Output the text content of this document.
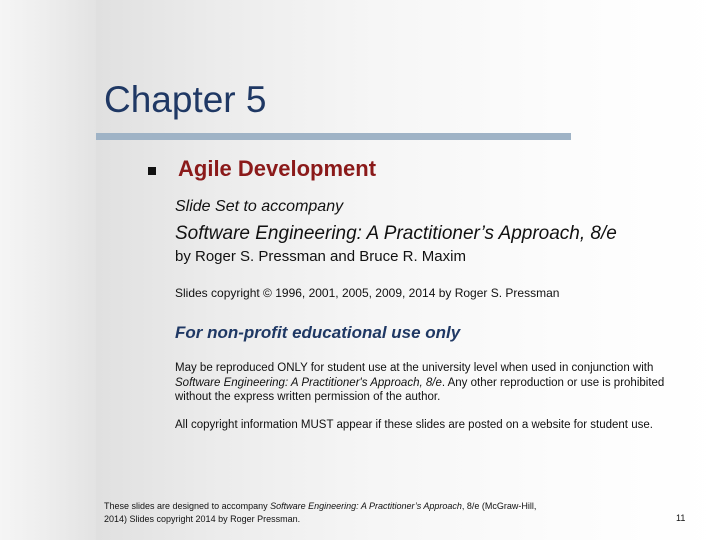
Chapter 5
Agile Development
Slide Set to accompany
Software Engineering: A Practitioner’s Approach, 8/e
by Roger S. Pressman and Bruce R. Maxim
Slides copyright © 1996, 2001, 2005, 2009, 2014 by Roger S. Pressman
For non-profit educational use only
May be reproduced ONLY for student use at the university level when used in conjunction with Software Engineering: A Practitioner's Approach, 8/e. Any other reproduction or use is prohibited without the express written permission of the author.
All copyright information MUST appear if these slides are posted on a website for student use.
These slides are designed to accompany Software Engineering: A Practitioner’s Approach, 8/e (McGraw-Hill, 2014) Slides copyright 2014 by Roger Pressman.	11
